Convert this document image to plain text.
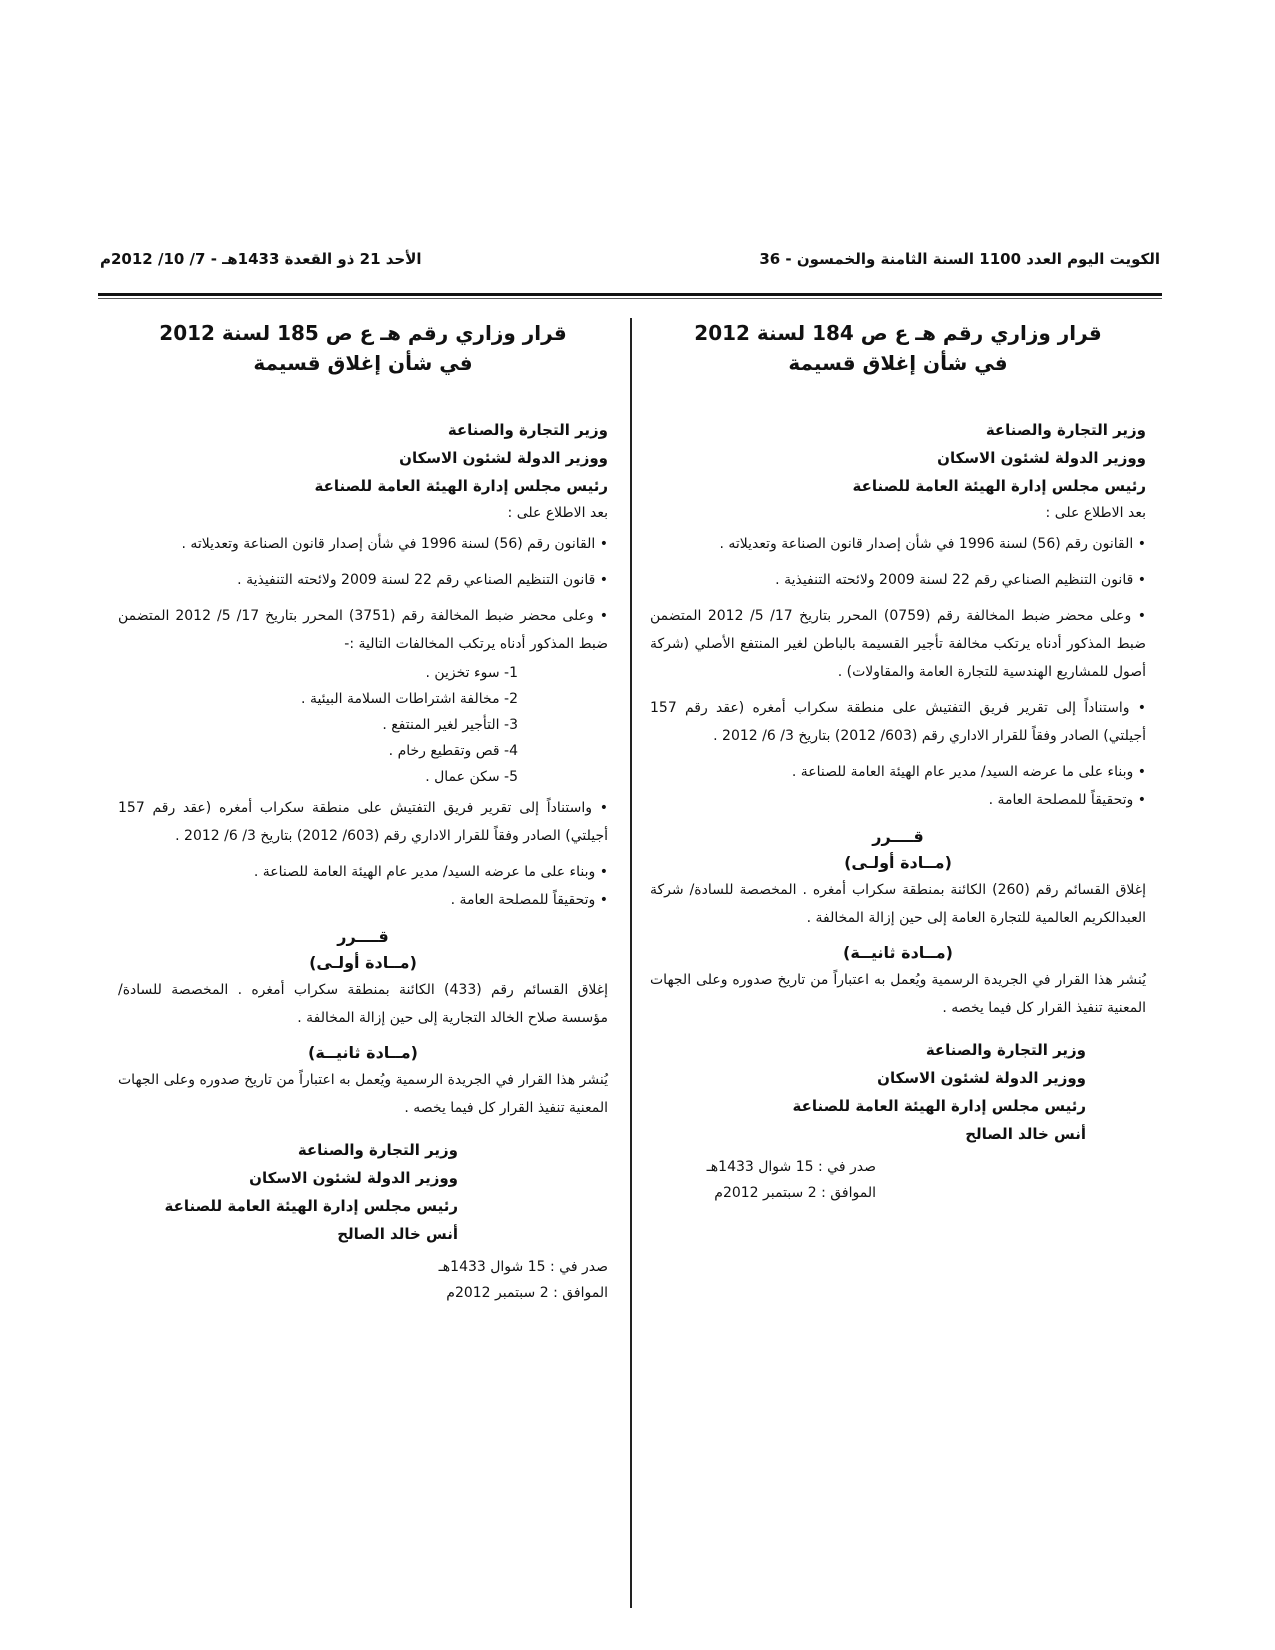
الكويت اليوم العدد 1100 السنة الثامنة والخمسون - 36
الأحد 21 ذو القعدة 1433هـ - 7/ 10/ 2012م

قرار وزاري رقم هـ ع ص 184 لسنة 2012

في شأن إغلاق قسيمة

وزير التجارة والصناعة

ووزير الدولة لشئون الاسكان

رئيس مجلس إدارة الهيئة العامة للصناعة

بعد الاطلاع على :

• القانون رقم (56) لسنة 1996 في شأن إصدار قانون الصناعة وتعديلاته .

• قانون التنظيم الصناعي رقم 22 لسنة 2009 ولائحته التنفيذية .

• وعلى محضر ضبط المخالفة رقم (0759) المحرر بتاريخ 17/ 5/ 2012 المتضمن ضبط المذكور أدناه يرتكب مخالفة تأجير القسيمة بالباطن لغير المنتفع الأصلي (شركة أصول للمشاريع الهندسية للتجارة العامة والمقاولات) .

• واستناداً إلى تقرير فريق التفتيش على منطقة سكراب أمغره (عقد رقم 157 أجيلتي) الصادر وفقاً للقرار الاداري رقم (603/ 2012) بتاريخ 3/ 6/ 2012 .

• وبناء على ما عرضه السيد/ مدير عام الهيئة العامة للصناعة .

• وتحقيقاً للمصلحة العامة .

قــــرر

(مــادة أولـى)

إغلاق القسائم رقم (260) الكائنة بمنطقة سكراب أمغره . المخصصة للسادة/ شركة العبدالكريم العالمية للتجارة العامة إلى حين إزالة المخالفة .

(مــادة ثانيــة)

يُنشر هذا القرار في الجريدة الرسمية ويُعمل به اعتباراً من تاريخ صدوره وعلى الجهات المعنية تنفيذ القرار كل فيما يخصه .

وزير التجارة والصناعة

ووزير الدولة لشئون الاسكان

رئيس مجلس إدارة الهيئة العامة للصناعة

أنس خالد الصالح

صدر في : 15 شوال 1433هـ

الموافق : 2 سبتمبر 2012م

قرار وزاري رقم هـ ع ص 185 لسنة 2012

في شأن إغلاق قسيمة

وزير التجارة والصناعة

ووزير الدولة لشئون الاسكان

رئيس مجلس إدارة الهيئة العامة للصناعة

بعد الاطلاع على :

• القانون رقم (56) لسنة 1996 في شأن إصدار قانون الصناعة وتعديلاته .

• قانون التنظيم الصناعي رقم 22 لسنة 2009 ولائحته التنفيذية .

• وعلى محضر ضبط المخالفة رقم (3751) المحرر بتاريخ 17/ 5/ 2012 المتضمن ضبط المذكور أدناه يرتكب المخالفات التالية :-

1- سوء تخزين .

2- مخالفة اشتراطات السلامة البيئية .

3- التأجير لغير المنتفع .

4- قص وتقطيع رخام .

5- سكن عمال .

• واستناداً إلى تقرير فريق التفتيش على منطقة سكراب أمغره (عقد رقم 157 أجيلتي) الصادر وفقاً للقرار الاداري رقم (603/ 2012) بتاريخ 3/ 6/ 2012 .

• وبناء على ما عرضه السيد/ مدير عام الهيئة العامة للصناعة .

• وتحقيقاً للمصلحة العامة .

قــــرر

(مــادة أولـى)

إغلاق القسائم رقم (433) الكائنة بمنطقة سكراب أمغره . المخصصة للسادة/ مؤسسة صلاح الخالد التجارية إلى حين إزالة المخالفة .

(مــادة ثانيــة)

يُنشر هذا القرار في الجريدة الرسمية ويُعمل به اعتباراً من تاريخ صدوره وعلى الجهات المعنية تنفيذ القرار كل فيما يخصه .

وزير التجارة والصناعة

ووزير الدولة لشئون الاسكان

رئيس مجلس إدارة الهيئة العامة للصناعة

أنس خالد الصالح

صدر في : 15 شوال 1433هـ

الموافق : 2 سبتمبر 2012م
